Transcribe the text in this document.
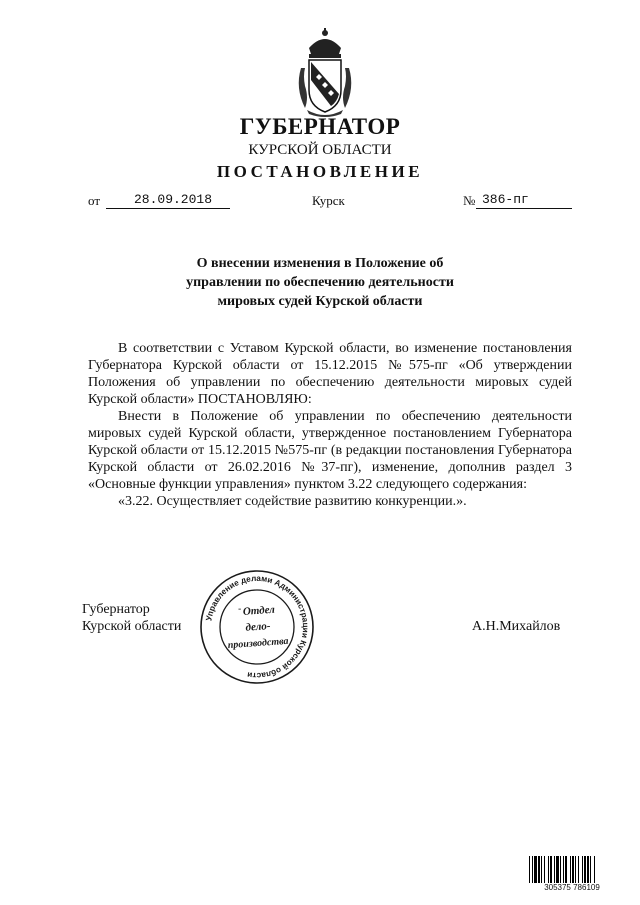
ГУБЕРНАТОР
КУРСКОЙ ОБЛАСТИ
ПОСТАНОВЛЕНИЕ
от	28.09.2018	Курск	№ 386-пг
О внесении изменения в Положение об
управлении по обеспечению деятельности
мировых судей Курской области

В соответствии с Уставом Курской области, во изменение постановления Губернатора Курской области от 15.12.2015 №575-пг «Об утверждении Положения об управлении по обеспечению деятельности мировых судей Курской области» ПОСТАНОВЛЯЮ:

Внести в Положение об управлении по обеспечению деятельности мировых судей Курской области, утвержденное постановлением Губернатора Курской области от 15.12.2015 №575-пг (в редакции постановления Губернатора Курской области от 26.02.2016 №37-пг), изменение, дополнив раздел 3 «Основные функции управления» пунктом 3.22 следующего содержания:

«3.22. Осуществляет содействие развитию конкуренции.».

Губернатор
Курской области	А.Н.Михайлов
Управление делами Администрации Курской области
Отдел
дело-
производства
-
305375 786109
